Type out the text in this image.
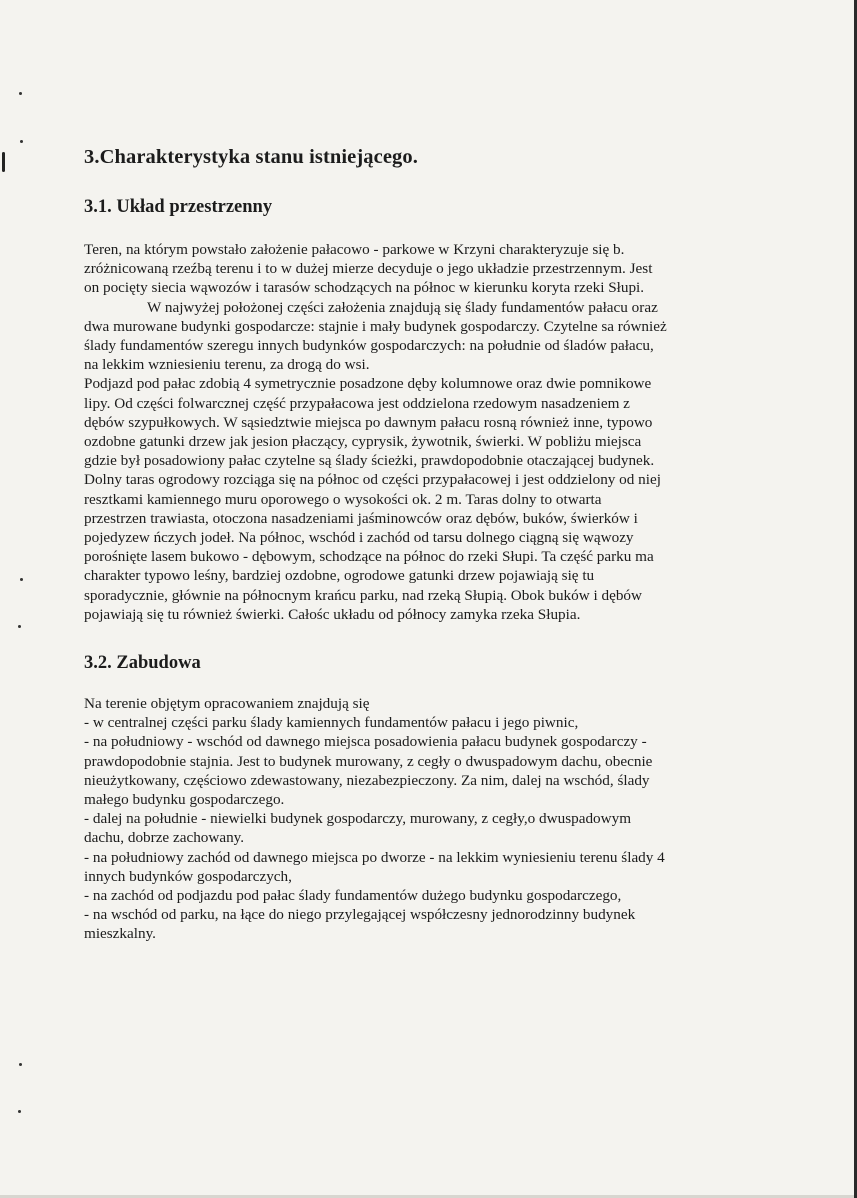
3.Charakterystyka stanu istniejącego.
3.1. Układ przestrzenny
Teren, na którym powstało założenie pałacowo - parkowe w Krzyni charakteryzuje się b.
zróżnicowaną rzeźbą terenu i to w dużej mierze decyduje o jego układzie przestrzennym. Jest
on pocięty siecia wąwozów i tarasów schodzących na północ w kierunku koryta rzeki Słupi.
W najwyżej położonej części założenia znajdują się ślady fundamentów pałacu oraz
dwa murowane budynki gospodarcze: stajnie i mały budynek gospodarczy. Czytelne sa również
ślady fundamentów szeregu innych budynków gospodarczych: na południe od śladów pałacu,
na lekkim wzniesieniu terenu, za drogą do wsi.
Podjazd pod pałac zdobią 4 symetrycznie posadzone dęby kolumnowe oraz dwie pomnikowe
lipy. Od części folwarcznej część przypałacowa jest oddzielona rzedowym nasadzeniem z
dębów szypułkowych. W sąsiedztwie miejsca po dawnym pałacu rosną również inne, typowo
ozdobne gatunki drzew jak jesion płaczący, cyprysik, żywotnik, świerki. W pobliżu miejsca
gdzie był posadowiony pałac czytelne są ślady ścieżki, prawdopodobnie otaczającej budynek.
Dolny taras ogrodowy rozciąga się na północ od części przypałacowej i jest oddzielony od niej
resztkami kamiennego muru oporowego o wysokości ok. 2 m. Taras dolny to otwarta
przestrzen trawiasta, otoczona nasadzeniami jaśminowców oraz dębów, buków, świerków i
pojedyzew ńczych jodeł. Na północ, wschód i zachód od tarsu dolnego ciągną się wąwozy
porośnięte lasem bukowo - dębowym, schodzące na północ do rzeki Słupi. Ta część parku ma
charakter typowo leśny, bardziej ozdobne, ogrodowe gatunki drzew pojawiają się tu
sporadycznie, głównie na północnym krańcu parku, nad rzeką Słupią. Obok buków i dębów
pojawiają się tu również świerki. Całośc układu od północy zamyka rzeka Słupia.
3.2. Zabudowa
Na terenie objętym opracowaniem znajdują się
- w centralnej części parku ślady kamiennych fundamentów pałacu i jego piwnic,
- na południowy - wschód od dawnego miejsca posadowienia pałacu budynek gospodarczy -
prawdopodobnie stajnia. Jest to budynek murowany, z cegły o dwuspadowym dachu, obecnie
nieużytkowany, częściowo zdewastowany, niezabezpieczony. Za nim, dalej na wschód, ślady
małego budynku gospodarczego.
- dalej na południe - niewielki budynek gospodarczy, murowany, z cegły,o dwuspadowym
dachu, dobrze zachowany.
- na południowy zachód od dawnego miejsca po dworze - na lekkim wyniesieniu terenu ślady 4
innych budynków gospodarczych,
- na zachód od podjazdu pod pałac ślady fundamentów dużego budynku gospodarczego,
- na wschód od parku, na łące do niego przylegającej współczesny jednorodzinny budynek
mieszkalny.
